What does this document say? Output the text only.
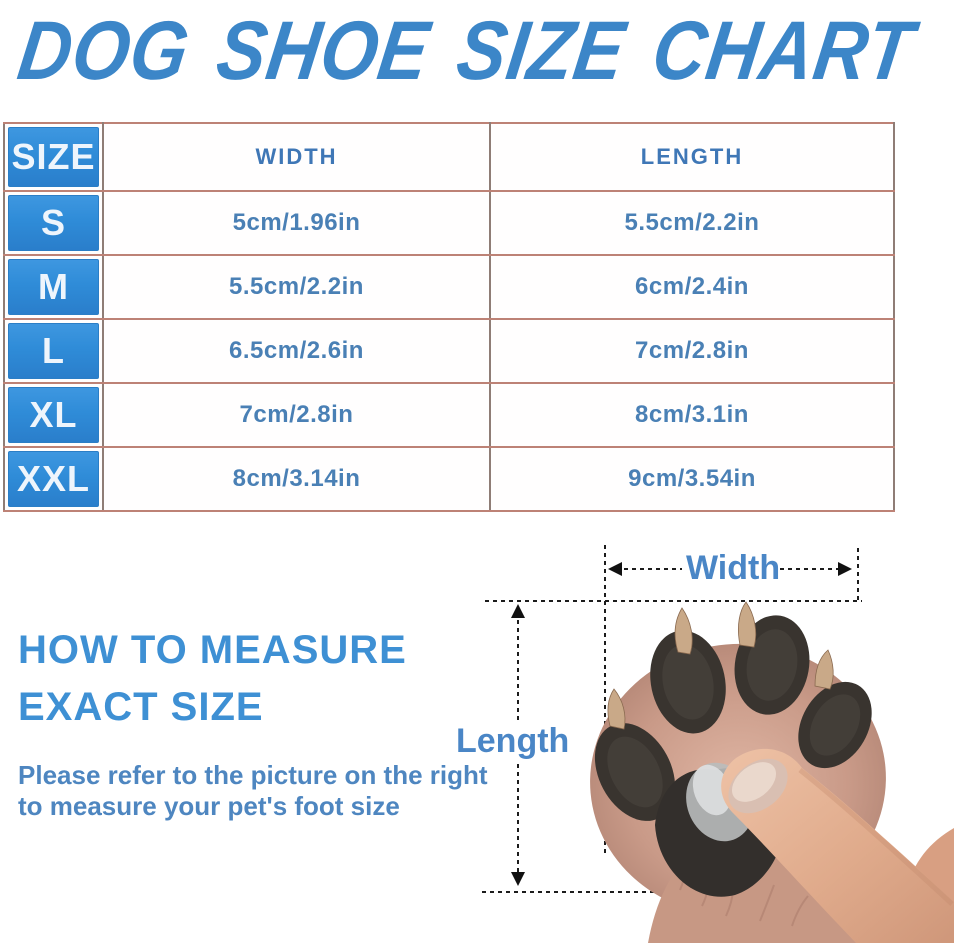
DOG SHOE SIZE CHART
SIZE	WIDTH	LENGTH

S	5cm/1.96in	5.5cm/2.2in

M	5.5cm/2.2in	6cm/2.4in

L	6.5cm/2.6in	7cm/2.8in

XL	7cm/2.8in	8cm/3.1in

XXL	8cm/3.14in	9cm/3.54in
HOW TO MEASURE
EXACT SIZE

Please refer to the picture on the right to measure your pet's foot size

Width
Length
